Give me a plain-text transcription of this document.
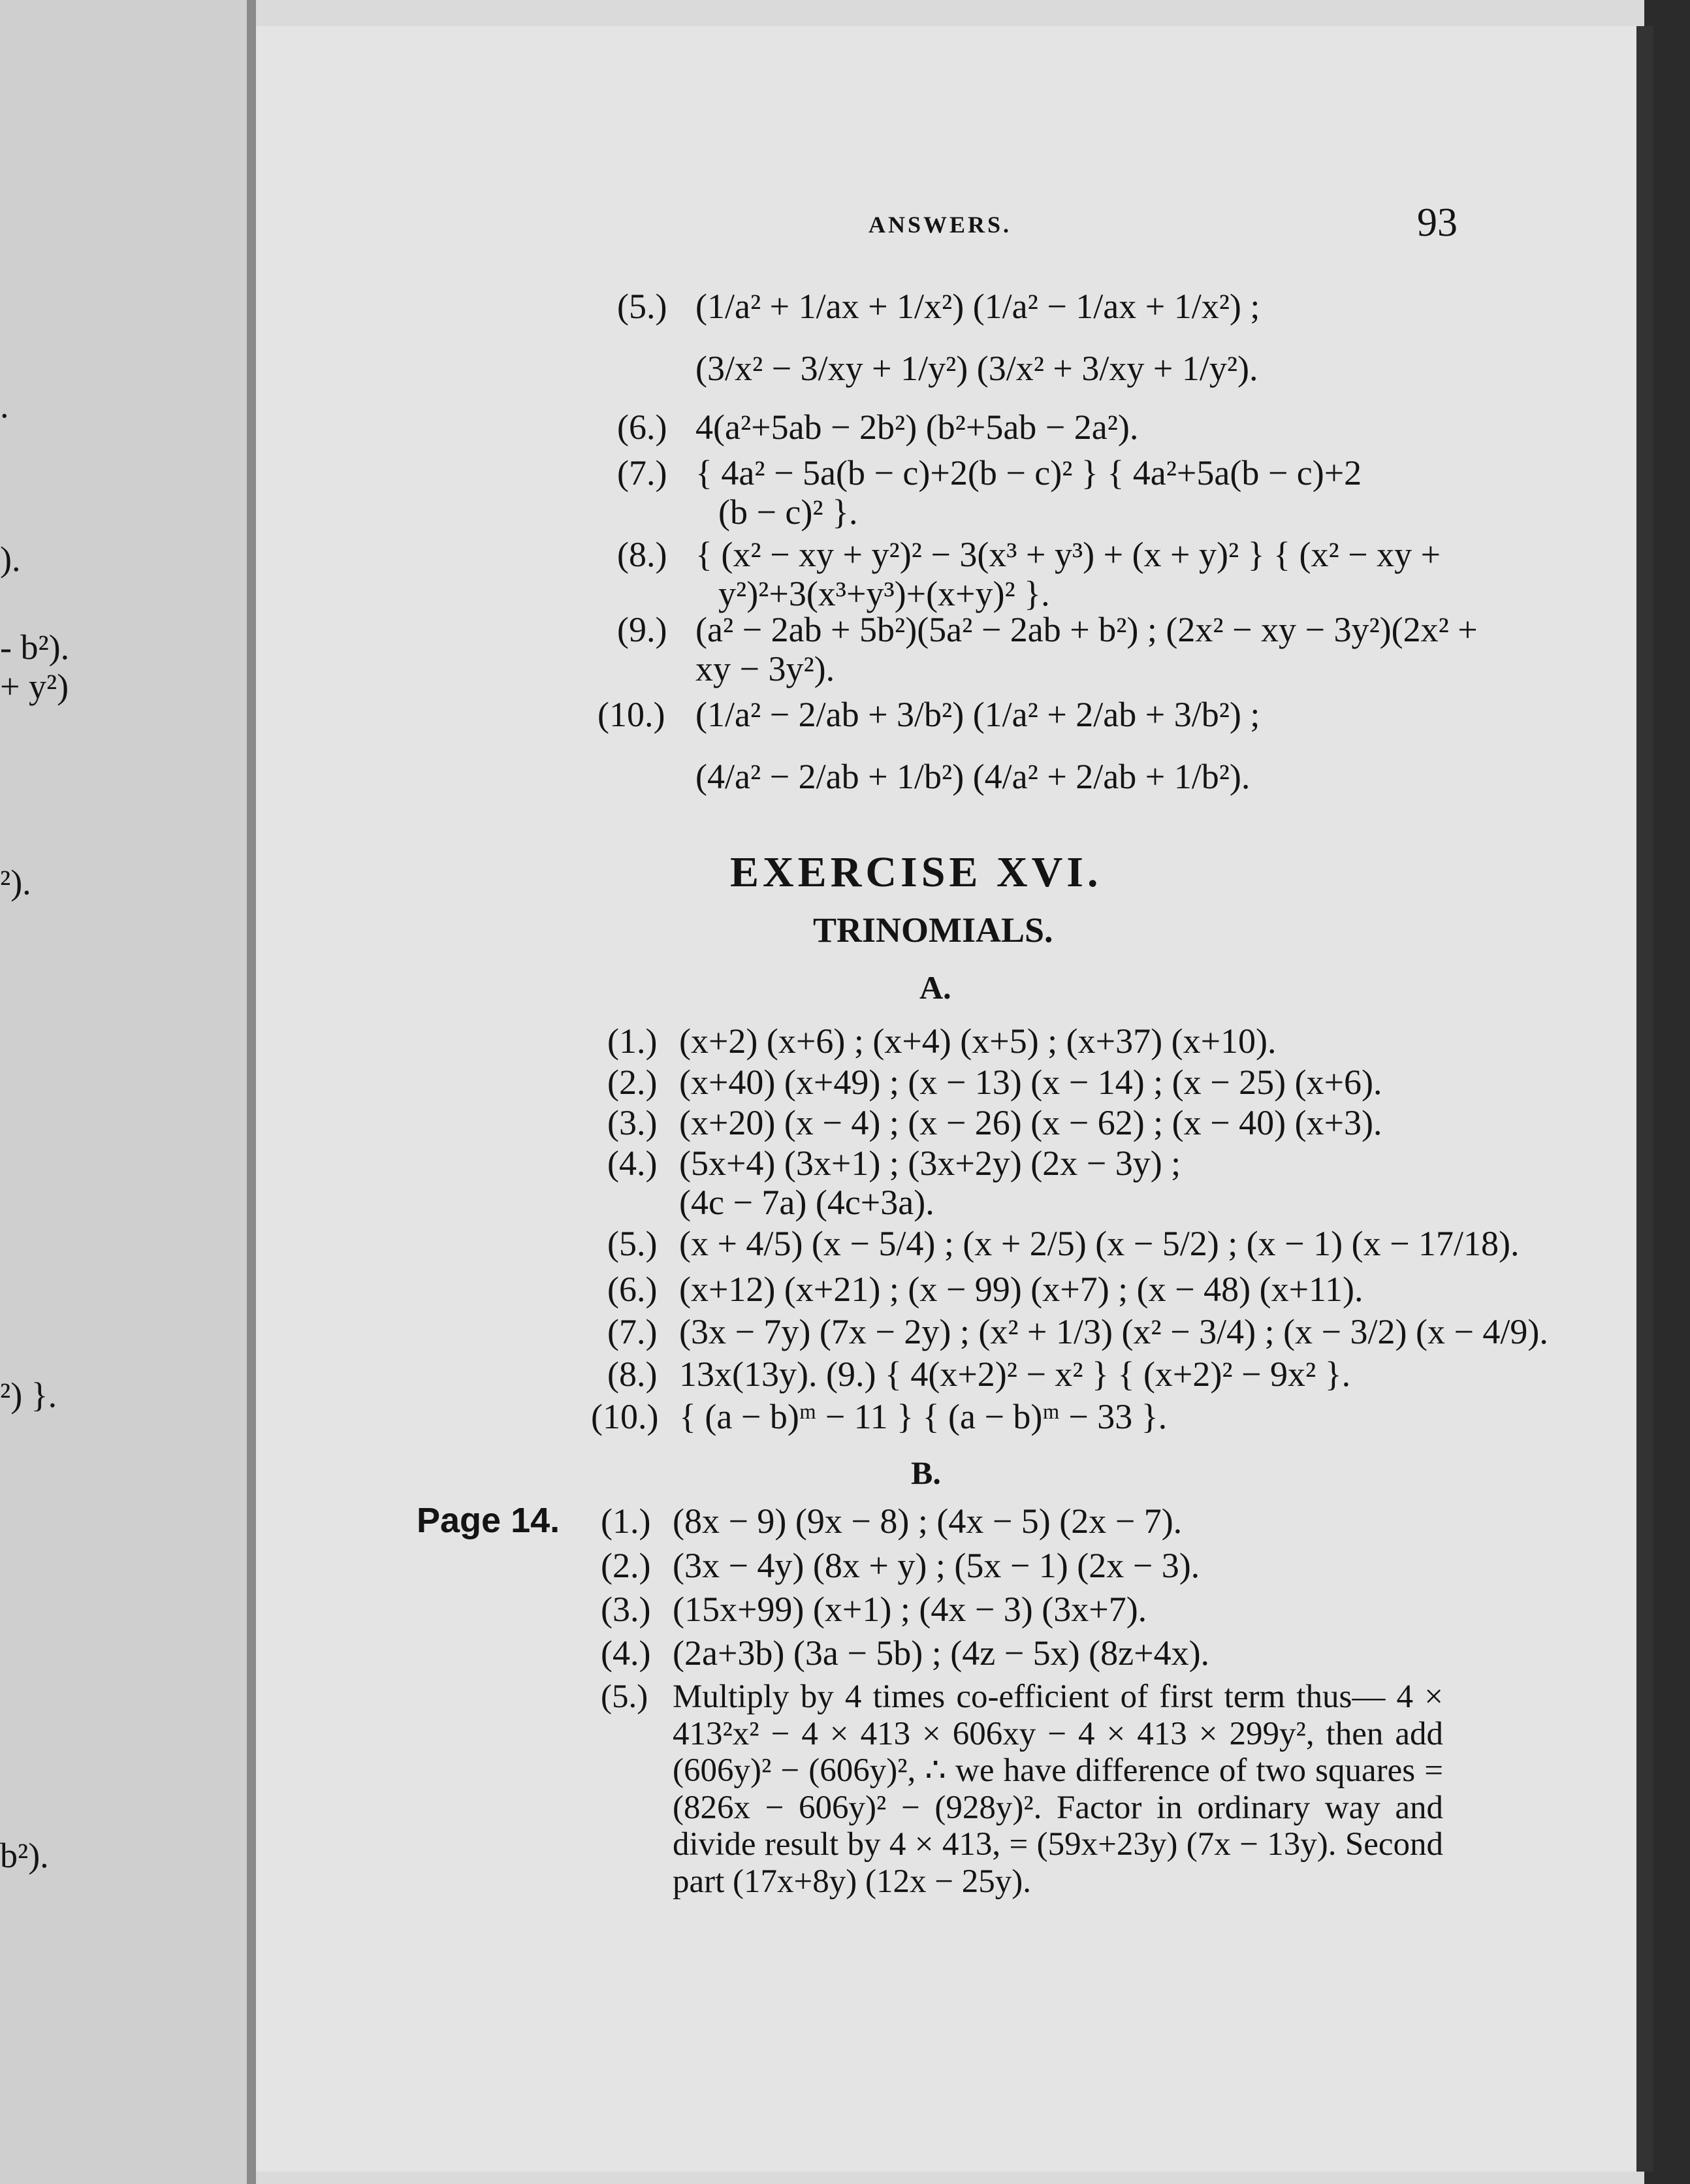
.
).
- b²).
+ y²)
²).
²) }.
b²).
ANSWERS.	93
(5.) (1/a² + 1/ax + 1/x²) (1/a² − 1/ax + 1/x²) ;
(3/x² − 3/xy + 1/y²) (3/x² + 3/xy + 1/y²).
(6.) 4(a²+5ab − 2b²) (b²+5ab − 2a²).
(7.) { 4a² − 5a(b − c)+2(b − c)² } { 4a²+5a(b − c)+2
(b − c)² }.
(8.) { (x² − xy + y²)² − 3(x³ + y³) + (x + y)² } { (x² − xy +
y²)²+3(x³+y³)+(x+y)² }.
(9.) (a² − 2ab + 5b²)(5a² − 2ab + b²) ; (2x² − xy − 3y²)(2x² +
xy − 3y²).
(10.) (1/a² − 2/ab + 3/b²) (1/a² + 2/ab + 3/b²) ;
(4/a² − 2/ab + 1/b²) (4/a² + 2/ab + 1/b²).
EXERCISE XVI.
TRINOMIALS.
A.
(1.) (x+2) (x+6) ; (x+4) (x+5) ; (x+37) (x+10).
(2.) (x+40) (x+49) ; (x − 13) (x − 14) ; (x − 25) (x+6).
(3.) (x+20) (x − 4) ; (x − 26) (x − 62) ; (x − 40) (x+3).
(4.) (5x+4) (3x+1) ; (3x+2y) (2x − 3y) ;
(4c − 7a) (4c+3a).
(5.) (x + 4/5) (x − 5/4) ; (x + 2/5) (x − 5/2) ; (x − 1) (x − 17/18).
(6.) (x+12) (x+21) ; (x − 99) (x+7) ; (x − 48) (x+11).
(7.) (3x − 7y) (7x − 2y) ; (x² + 1/3) (x² − 3/4) ; (x − 3/2) (x − 4/9).
(8.) 13x(13y). (9.) { 4(x+2)² − x² } { (x+2)² − 9x² }.
(10.) { (a − b)ᵐ − 11 } { (a − b)ᵐ − 33 }.
B.
Page 14. (1.) (8x − 9) (9x − 8) ; (4x − 5) (2x − 7).
(2.) (3x − 4y) (8x + y) ; (5x − 1) (2x − 3).
(3.) (15x+99) (x+1) ; (4x − 3) (3x+7).
(4.) (2a+3b) (3a − 5b) ; (4z − 5x) (8z+4x).
(5.) Multiply by 4 times co-efficient of first term thus— 4 × 413²x² − 4 × 413 × 606xy − 4 × 413 × 299y², then add (606y)² − (606y)², ∴ we have difference of two squares = (826x − 606y)² − (928y)². Factor in ordinary way and divide result by 4 × 413, = (59x+23y) (7x − 13y). Second part (17x+8y) (12x − 25y).
